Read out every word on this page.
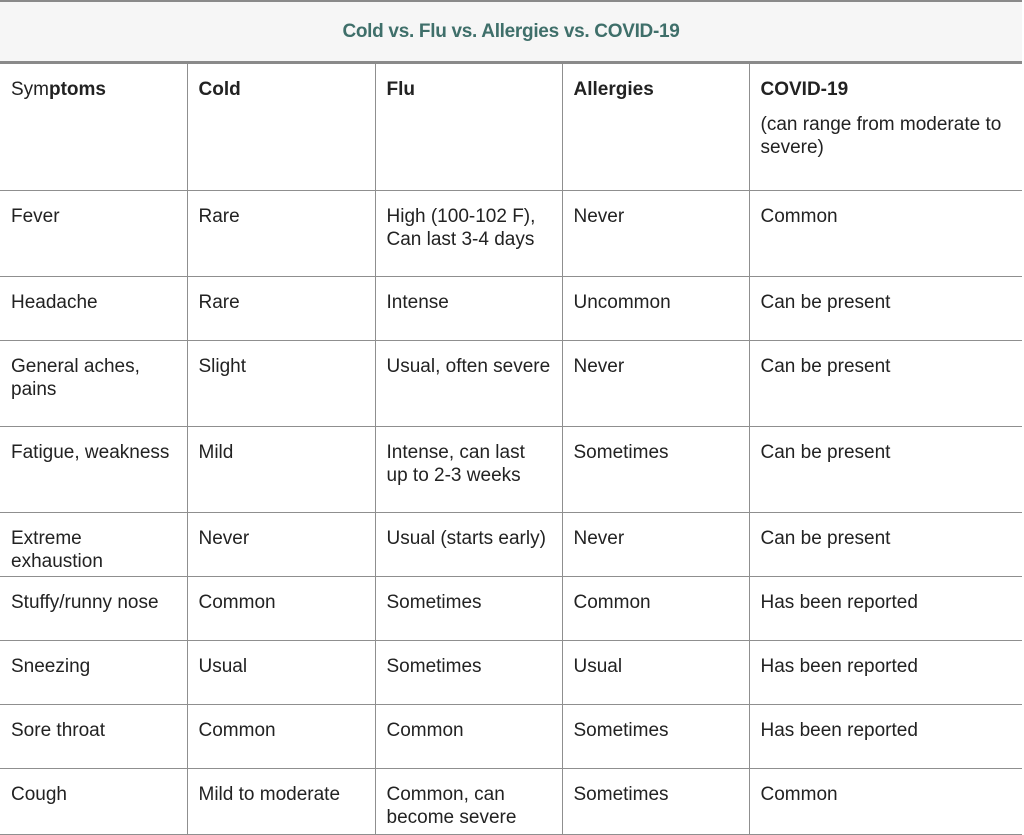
Cold vs. Flu vs. Allergies vs. COVID-19
Symptoms	Cold	Flu	Allergies	COVID-19
(can range from moderate to severe)

Fever	Rare	High (100-102 F), Can last 3-4 days	Never	Common
Headache	Rare	Intense	Uncommon	Can be present
General aches, pains	Slight	Usual, often severe	Never	Can be present
Fatigue, weakness	Mild	Intense, can last up to 2-3 weeks	Sometimes	Can be present
Extreme exhaustion	Never	Usual (starts early)	Never	Can be present
Stuffy/runny nose	Common	Sometimes	Common	Has been reported
Sneezing	Usual	Sometimes	Usual	Has been reported
Sore throat	Common	Common	Sometimes	Has been reported
Cough	Mild to moderate	Common, can become severe	Sometimes	Common
